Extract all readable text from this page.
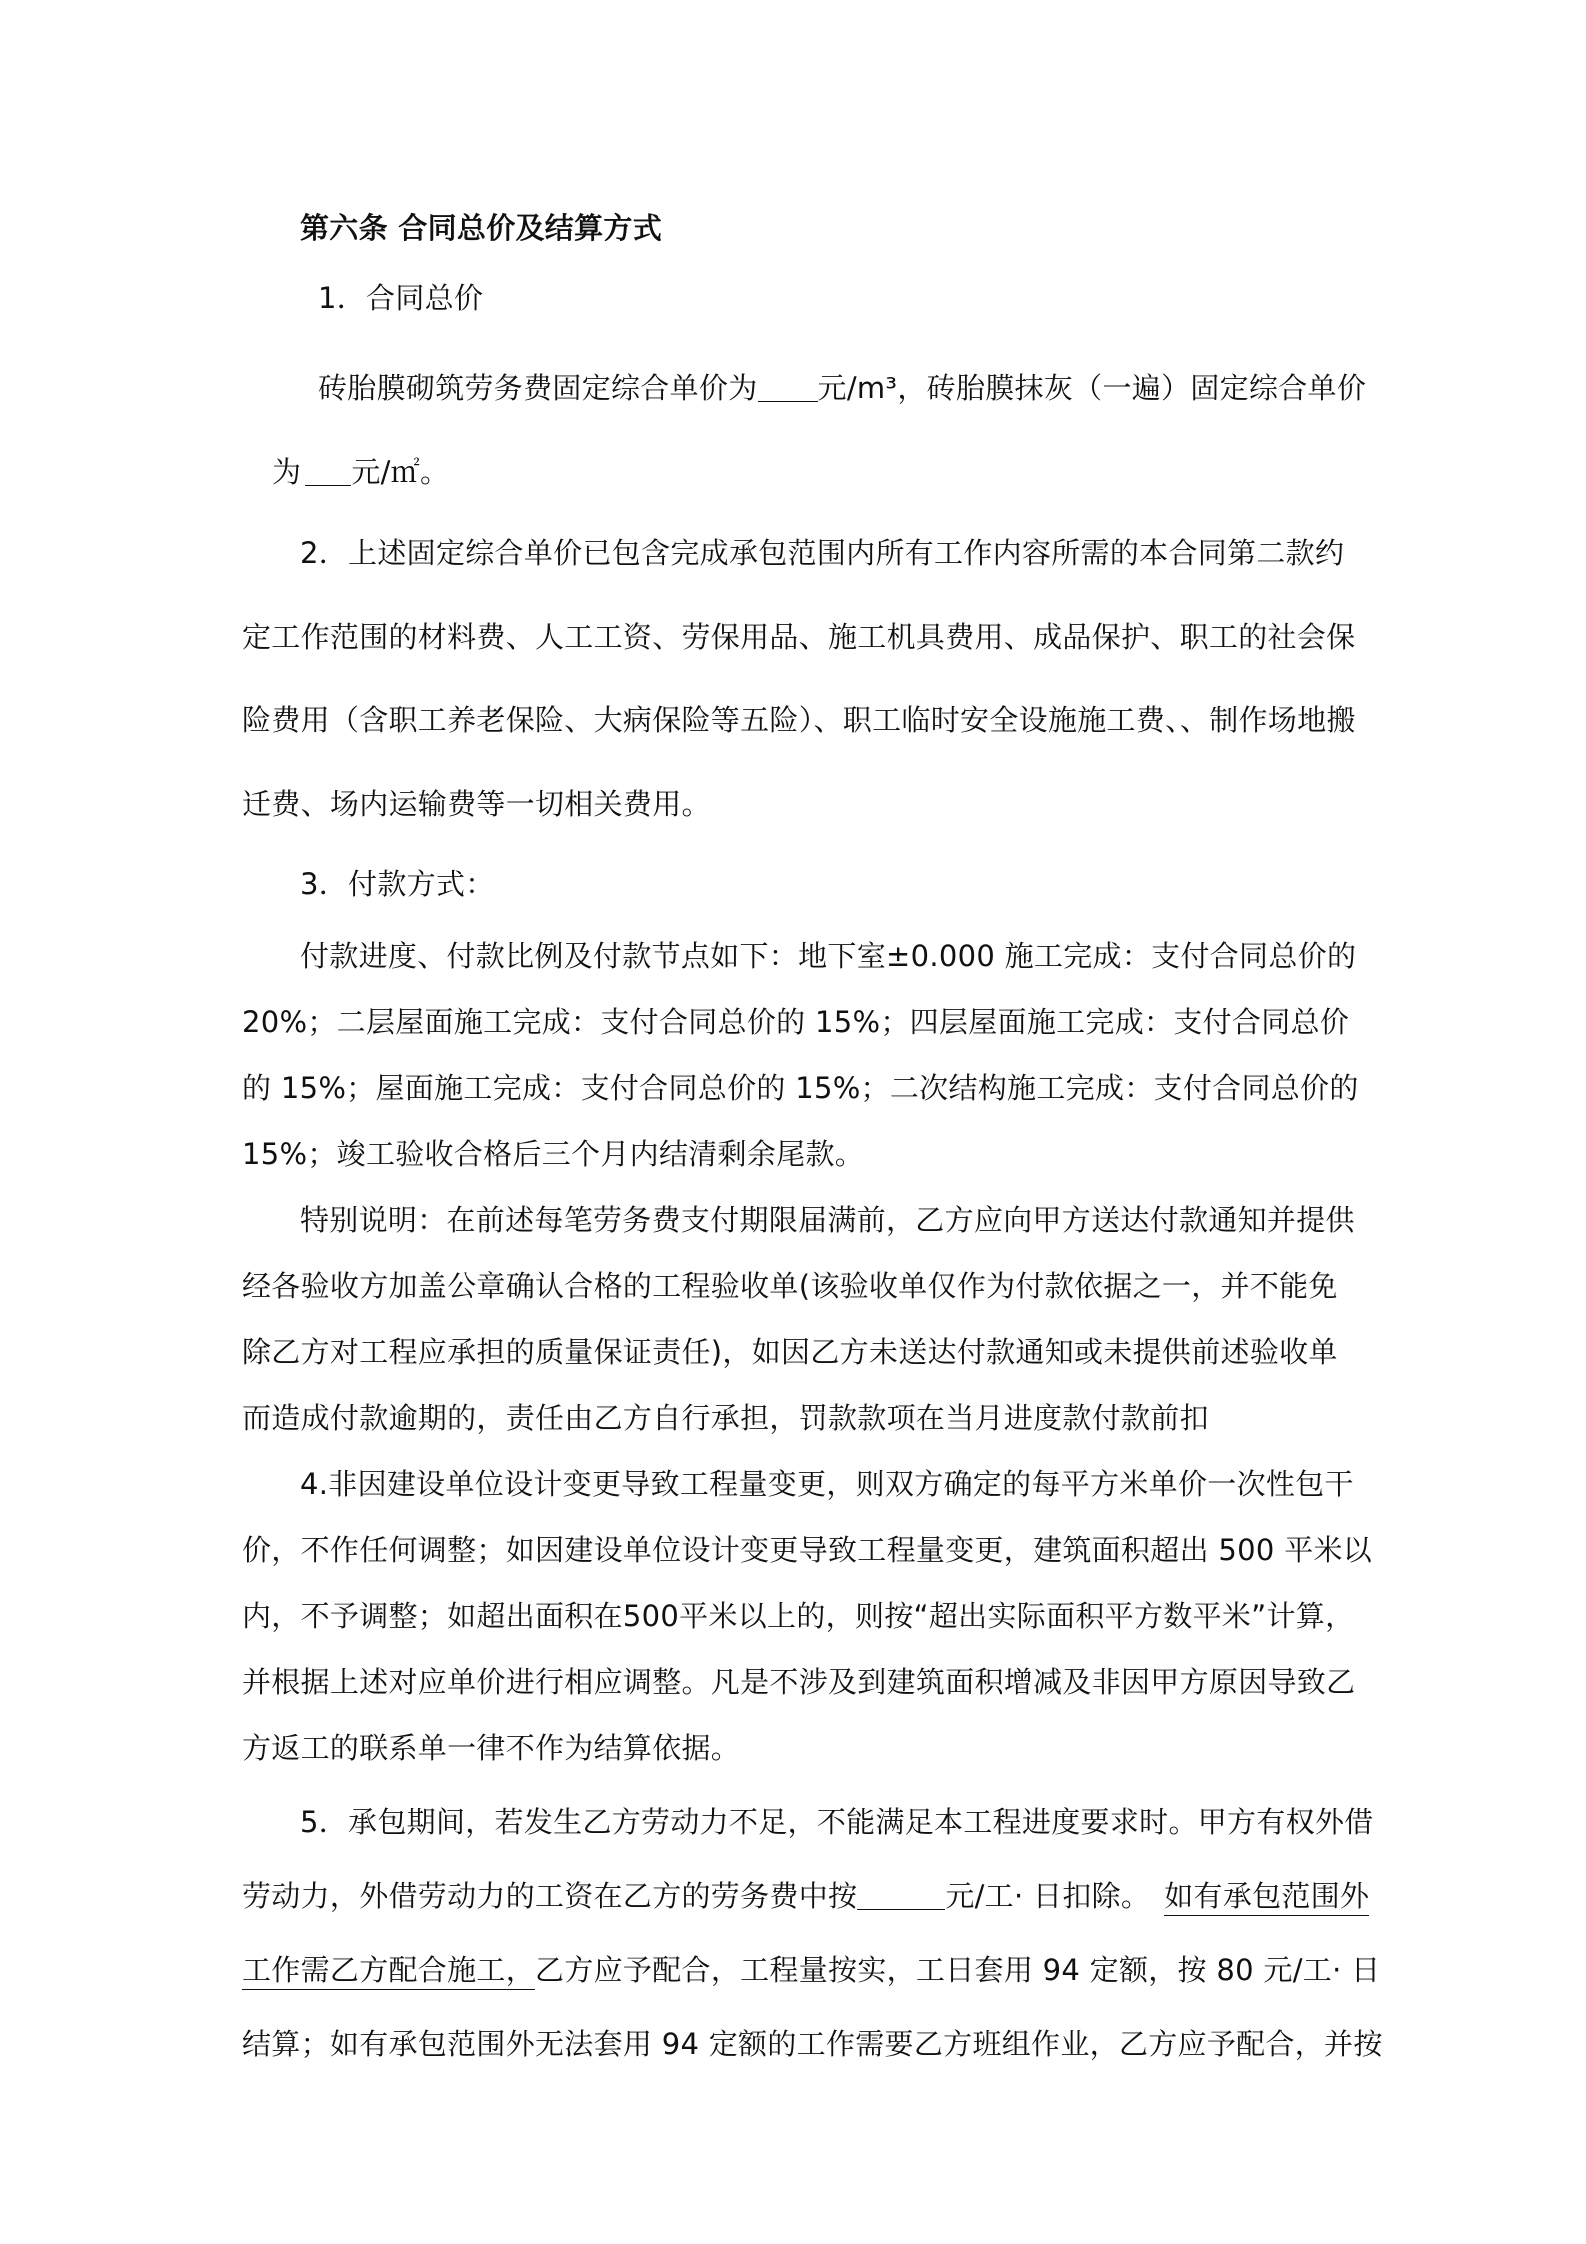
第六条 合同总价及结算方式

1．合同总价

砖胎膜砌筑劳务费固定综合单价为 元/m³，砖胎膜抹灰（一遍）固定综合单价

为 元/㎡。

2．上述固定综合单价已包含完成承包范围内所有工作内容所需的本合同第二款约

定工作范围的材料费、人工工资、劳保用品、施工机具费用、成品保护、职工的社会保

险费用（含职工养老保险、大病保险等五险）、职工临时安全设施施工费、、制作场地搬

迁费、场内运输费等一切相关费用。

3．付款方式：

付款进度、付款比例及付款节点如下：地下室±0.000 施工完成：支付合同总价的

20%；二层屋面施工完成：支付合同总价的 15%；四层屋面施工完成：支付合同总价

的 15%；屋面施工完成：支付合同总价的 15%；二次结构施工完成：支付合同总价的

15%；竣工验收合格后三个月内结清剩余尾款。

特别说明：在前述每笔劳务费支付期限届满前，乙方应向甲方送达付款通知并提供

经各验收方加盖公章确认合格的工程验收单(该验收单仅作为付款依据之一，并不能免

除乙方对工程应承担的质量保证责任)，如因乙方未送达付款通知或未提供前述验收单

而造成付款逾期的，责任由乙方自行承担，罚款款项在当月进度款付款前扣

4.非因建设单位设计变更导致工程量变更，则双方确定的每平方米单价一次性包干

价，不作任何调整；如因建设单位设计变更导致工程量变更，建筑面积超出 500 平米以

内，不予调整；如超出面积在500平米以上的，则按“超出实际面积平方数平米”计算，

并根据上述对应单价进行相应调整。凡是不涉及到建筑面积增减及非因甲方原因导致乙

方返工的联系单一律不作为结算依据。

5．承包期间，若发生乙方劳动力不足，不能满足本工程进度要求时。甲方有权外借

劳动力，外借劳动力的工资在乙方的劳务费中按	元/工· 日扣除。 如有承包范围外

工作需乙方配合施工，乙方应予配合，工程量按实，工日套用 94 定额，按 80 元/工· 日

结算；如有承包范围外无法套用 94 定额的工作需要乙方班组作业，乙方应予配合，并按
